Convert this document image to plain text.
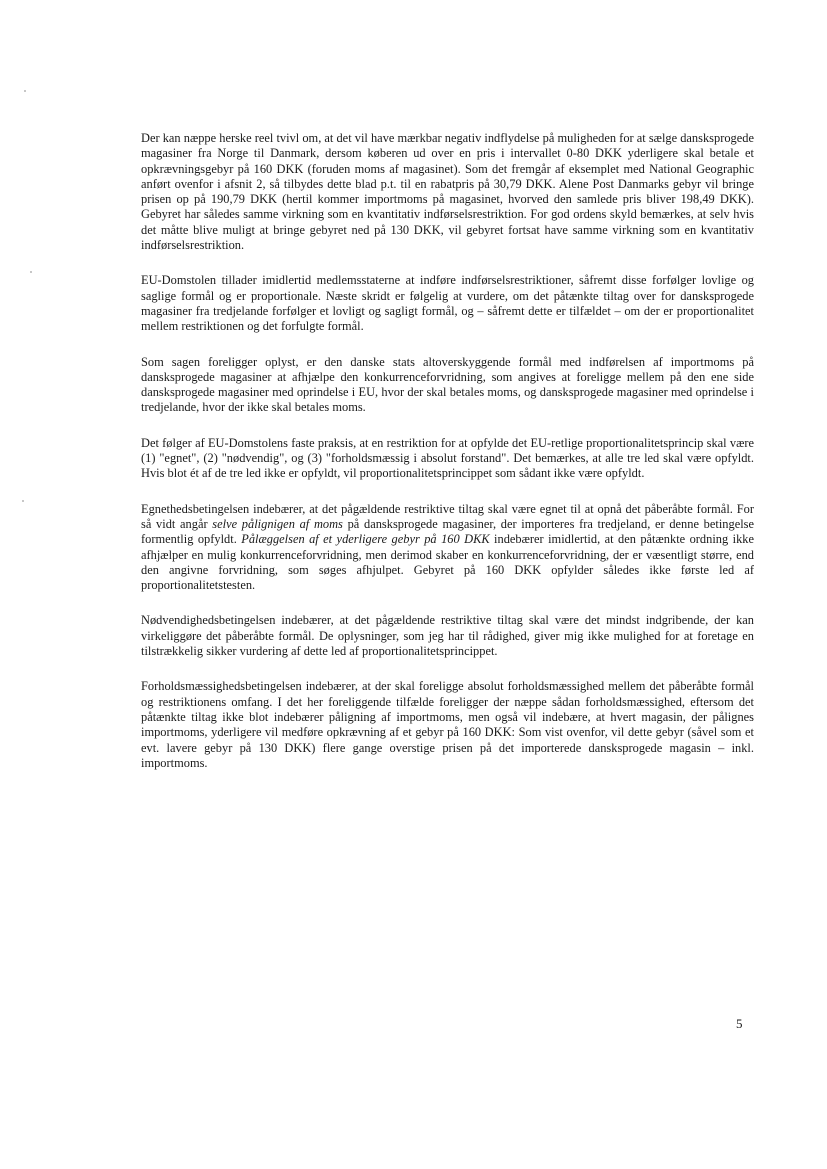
Der kan næppe herske reel tvivl om, at det vil have mærkbar negativ indflydelse på muligheden for at sælge dansksprogede magasiner fra Norge til Danmark, dersom køberen ud over en pris i intervallet 0-80 DKK yderligere skal betale et opkrævningsgebyr på 160 DKK (foruden moms af magasinet). Som det fremgår af eksemplet med National Geographic anført ovenfor i afsnit 2, så tilbydes dette blad p.t. til en rabatpris på 30,79 DKK. Alene Post Danmarks gebyr vil bringe prisen op på 190,79 DKK (hertil kommer importmoms på magasinet, hvorved den samlede pris bliver 198,49 DKK). Gebyret har således samme virkning som en kvantitativ indførselsrestriktion. For god ordens skyld bemærkes, at selv hvis det måtte blive muligt at bringe gebyret ned på 130 DKK, vil gebyret fortsat have samme virkning som en kvantitativ indførselsrestriktion.

EU-Domstolen tillader imidlertid medlemsstaterne at indføre indførselsrestriktioner, såfremt disse forfølger lovlige og saglige formål og er proportionale. Næste skridt er følgelig at vurdere, om det påtænkte tiltag over for dansksprogede magasiner fra tredjelande forfølger et lovligt og sagligt formål, og – såfremt dette er tilfældet – om der er proportionalitet mellem restriktionen og det forfulgte formål.

Som sagen foreligger oplyst, er den danske stats altoverskyggende formål med indførelsen af importmoms på dansksprogede magasiner at afhjælpe den konkurrenceforvridning, som angives at foreligge mellem på den ene side dansksprogede magasiner med oprindelse i EU, hvor der skal betales moms, og dansksprogede magasiner med oprindelse i tredjelande, hvor der ikke skal betales moms.

Det følger af EU-Domstolens faste praksis, at en restriktion for at opfylde det EU-retlige proportionalitetsprincip skal være (1) "egnet", (2) "nødvendig", og (3) "forholdsmæssig i absolut forstand". Det bemærkes, at alle tre led skal være opfyldt. Hvis blot ét af de tre led ikke er opfyldt, vil proportionalitetsprincippet som sådant ikke være opfyldt.

Egnethedsbetingelsen indebærer, at det pågældende restriktive tiltag skal være egnet til at opnå det påberåbte formål. For så vidt angår selve pålignigen af moms på dansksprogede magasiner, der importeres fra tredjeland, er denne betingelse formentlig opfyldt. Pålæggelsen af et yderligere gebyr på 160 DKK indebærer imidlertid, at den påtænkte ordning ikke afhjælper en mulig konkurrenceforvridning, men derimod skaber en konkurrenceforvridning, der er væsentligt større, end den angivne forvridning, som søges afhjulpet. Gebyret på 160 DKK opfylder således ikke første led af proportionalitetstesten.

Nødvendighedsbetingelsen indebærer, at det pågældende restriktive tiltag skal være det mindst indgribende, der kan virkeliggøre det påberåbte formål. De oplysninger, som jeg har til rådighed, giver mig ikke mulighed for at foretage en tilstrækkelig sikker vurdering af dette led af proportionalitetsprincippet.

Forholdsmæssighedsbetingelsen indebærer, at der skal foreligge absolut forholdsmæssighed mellem det påberåbte formål og restriktionens omfang. I det her foreliggende tilfælde foreligger der næppe sådan forholdsmæssighed, eftersom det påtænkte tiltag ikke blot indebærer påligning af importmoms, men også vil indebære, at hvert magasin, der pålignes importmoms, yderligere vil medføre opkrævning af et gebyr på 160 DKK: Som vist ovenfor, vil dette gebyr (såvel som et evt. lavere gebyr på 130 DKK) flere gange overstige prisen på det importerede dansksprogede magasin – inkl. importmoms.

5
